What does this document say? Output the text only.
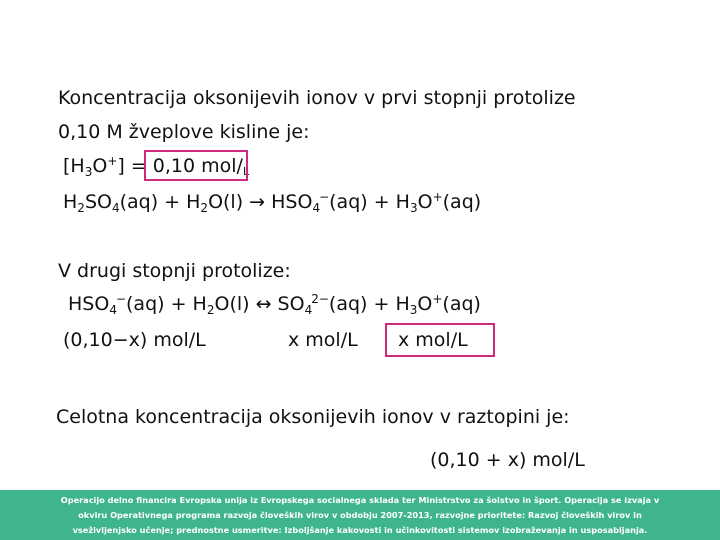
Koncentracija oksonijevih ionov v prvi stopnji protolize
0,10 M žveplove kisline je:
$[H_3O^+] = 0,10$ mol/L
$H_2SO_4(aq) + H_2O(l) \to HSO_4^-(aq) + H_3O^+(aq)$
V drugi stopnji protolize:
$HSO_4^-(aq) + H_2O(l)$ ↔ $SO_4^{2-}(aq) + H_3O^+(aq)$
(0,10−x) mol/L	x mol/L x mol/L
Celotna koncentracija oksonijevih ionov v raztopini je:
(0,10 + x) mol/L
Operacijo delno financira Evropska unija iz Evropskega socialnega sklada ter Ministrstvo za šolstvo in šport. Operacija se izvaja v
okviru Operativnega programa razvoja človeških virov v obdobju 2007-2013, razvojne prioritete: Razvoj človeških virov in
vseživljenjsko učenje; prednostne usmeritve: Izboljšanje kakovosti in učinkovitosti sistemov izobraževanja in usposabljanja.
